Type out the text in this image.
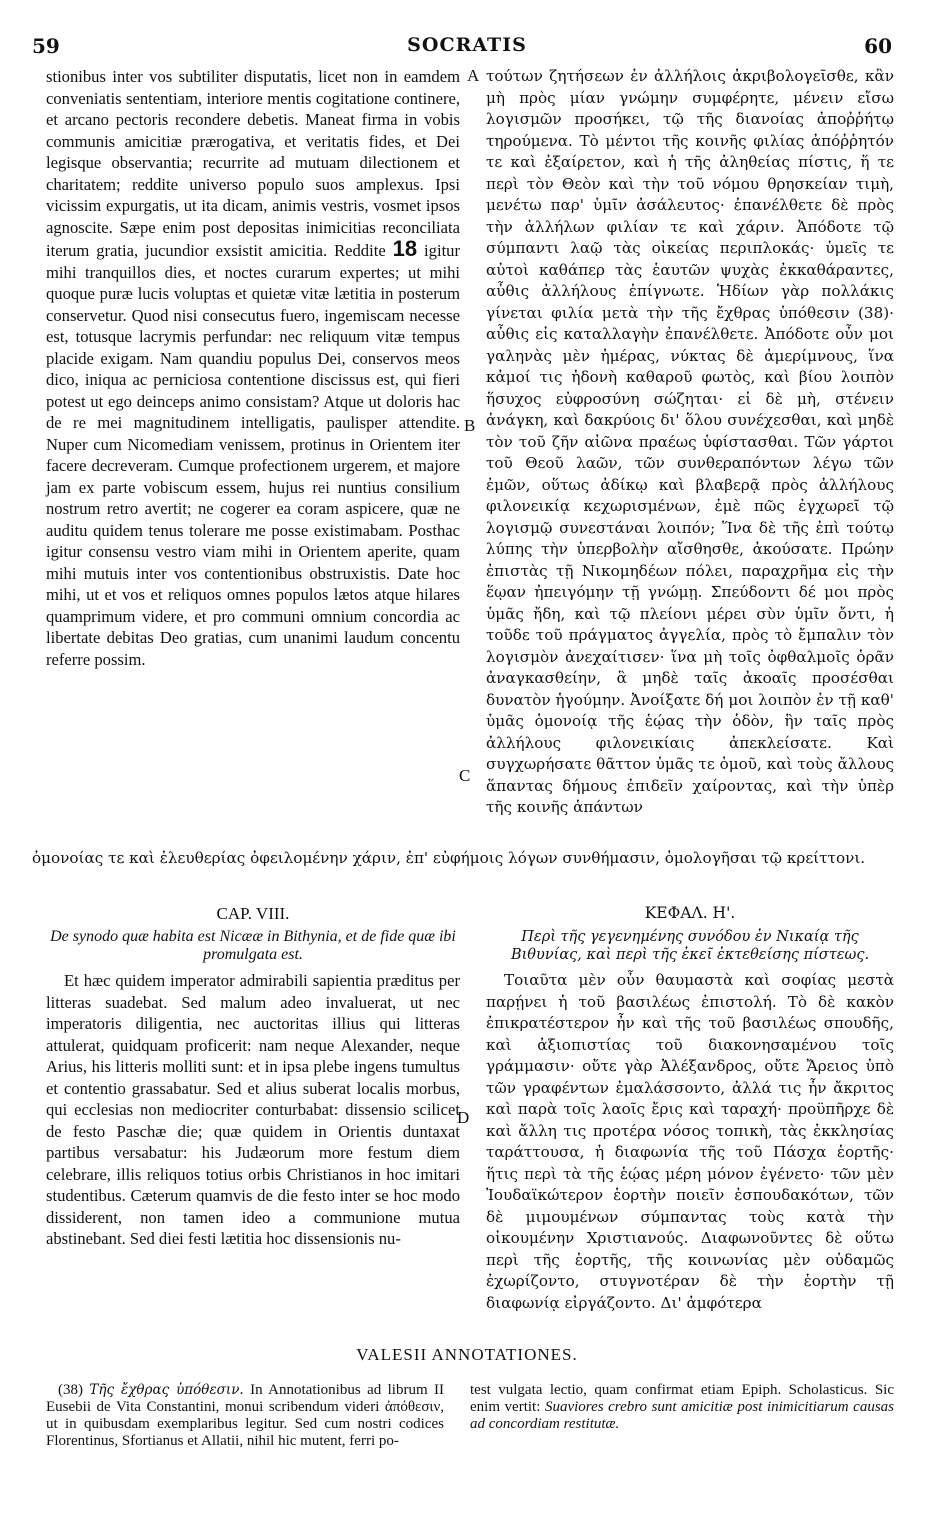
59	SOCRATIS	60

stionibus inter vos subtiliter disputatis, licet non in eamdem conveniatis sententiam, interiore mentis cogitatione continere, et arcano pectoris recondere debetis. Maneat firma in vobis communis amicitiæ prærogativa, et veritatis fides, et Dei legisque observantia; recurrite ad mutuam dilectionem et charitatem; reddite universo populo suos amplexus. Ipsi vicissim expurgatis, ut ita dicam, animis vestris, vosmet ipsos agnoscite. Sæpe enim post depositas inimicitias reconciliata iterum gratia, jucundior exsistit amicitia. Reddite 18 igitur mihi tranquillos dies, et noctes curarum expertes; ut mihi quoque puræ lucis voluptas et quietæ vitæ lætitia in posterum conservetur. Quod nisi consecutus fuero, ingemiscam necesse est, totusque lacrymis perfundar: nec reliquum vitæ tempus placide exigam. Nam quandiu populus Dei, conservos meos dico, iniqua ac perniciosa contentione discissus est, qui fieri potest ut ego deinceps animo consistam? Atque ut doloris hac de re mei magnitudinem intelligatis, paulisper attendite. Nuper cum Nicomediam venissem, protinus in Orientem iter facere decreveram. Cumque profectionem urgerem, et majore jam ex parte vobiscum essem, hujus rei nuntius consilium nostrum retro avertit; ne cogerer ea coram aspicere, quæ ne auditu quidem tenus tolerare me posse existimabam. Posthac igitur consensu vestro viam mihi in Orientem aperite, quam mihi mutuis inter vos contentionibus obstruxistis. Date hoc mihi, ut et vos et reliquos omnes populos lætos atque hilares quamprimum videre, et pro communi omnium concordia ac libertate debitas Deo gratias, cum unanimi laudum concentu referre possim.

A
B
C
D

τούτων ζητήσεων ἐν ἀλλήλοις ἀκριβολογεῖσθε, κἂν μὴ πρὸς μίαν γνώμην συμφέρητε, μένειν εἴσω λογισμῶν προσήκει, τῷ τῆς διανοίας ἀποῤῥήτῳ τηρούμενα. Τὸ μέντοι τῆς κοινῆς φιλίας ἀπόῤῥητόν τε καὶ ἐξαίρετον, καὶ ἡ τῆς ἀληθείας πίστις, ἥ τε περὶ τὸν Θεὸν καὶ τὴν τοῦ νόμου θρησκείαν τιμὴ, μενέτω παρ' ὑμῖν ἀσάλευτος· ἐπανέλθετε δὲ πρὸς τὴν ἀλλήλων φιλίαν τε καὶ χάριν. Ἀπόδοτε τῷ σύμπαντι λαῷ τὰς οἰκείας περιπλοκάς· ὑμεῖς τε αὐτοὶ καθάπερ τὰς ἑαυτῶν ψυχὰς ἐκκαθάραντες, αὖθις ἀλλήλους ἐπίγνωτε. Ἡδίων γὰρ πολλάκις γίνεται φιλία μετὰ τὴν τῆς ἔχθρας ὑπόθεσιν (38)· αὖθις εἰς καταλλαγὴν ἐπανέλθετε. Ἀπόδοτε οὖν μοι γαληνὰς μὲν ἡμέρας, νύκτας δὲ ἀμερίμνους, ἵνα κἀμοί τις ἡδονὴ καθαροῦ φωτὸς, καὶ βίου λοιπὸν ἥσυχος εὐφροσύνη σώζηται· εἰ δὲ μὴ, στένειν ἀνάγκη, καὶ δακρύοις δι' ὅλου συνέχεσθαι, καὶ μηδὲ τὸν τοῦ ζῆν αἰῶνα πραέως ὑφίστασθαι. Τῶν γάρτοι τοῦ Θεοῦ λαῶν, τῶν συνθεραπόντων λέγω τῶν ἐμῶν, οὕτως ἀδίκῳ καὶ βλαβερᾷ πρὸς ἀλλήλους φιλονεικίᾳ κεχωρισμένων, ἐμὲ πῶς ἐγχωρεῖ τῷ λογισμῷ συνεστάναι λοιπόν; Ἵνα δὲ τῆς ἐπὶ τούτῳ λύπης τὴν ὑπερβολὴν αἴσθησθε, ἀκούσατε. Πρώην ἐπιστὰς τῇ Νικομηδέων πόλει, παραχρῆμα εἰς τὴν ἕῳαν ἠπειγόμην τῇ γνώμῃ. Σπεύδοντι δέ μοι πρὸς ὑμᾶς ἤδη, καὶ τῷ πλείονι μέρει σὺν ὑμῖν ὄντι, ἡ τοῦδε τοῦ πράγματος ἀγγελία, πρὸς τὸ ἔμπαλιν τὸν λογισμὸν ἀνεχαίτισεν· ἵνα μὴ τοῖς ὀφθαλμοῖς ὁρᾶν ἀναγκασθείην, ἃ μηδὲ ταῖς ἀκοαῖς προσέσθαι δυνατὸν ἡγούμην. Ἀνοίξατε δή μοι λοιπὸν ἐν τῇ καθ' ὑμᾶς ὁμονοίᾳ τῆς ἑῴας τὴν ὁδὸν, ἣν ταῖς πρὸς ἀλλήλους φιλονεικίαις ἀπεκλείσατε. Καὶ συγχωρήσατε θᾶττον ὑμᾶς τε ὁμοῦ, καὶ τοὺς ἄλλους ἅπαντας δήμους ἐπιδεῖν χαίροντας, καὶ τὴν ὑπὲρ τῆς κοινῆς ἁπάντων

ὁμονοίας τε καὶ ἐλευθερίας ὀφειλομένην χάριν, ἐπ' εὐφήμοις λόγων συνθήμασιν, ὁμολογῆσαι τῷ κρείττονι.
CAP. VIII.
De synodo quæ habita est Nicææ in Bithynia, et de fide quæ ibi promulgata est.
ΚΕΦΑΛ. Η'.
Περὶ τῆς γεγενημένης συνόδου ἐν Νικαίᾳ τῆς Βιθυνίας, καὶ περὶ τῆς ἐκεῖ ἐκτεθείσης πίστεως.

Et hæc quidem imperator admirabili sapientia præditus per litteras suadebat. Sed malum adeo invaluerat, ut nec imperatoris diligentia, nec auctoritas illius qui litteras attulerat, quidquam proficerit: nam neque Alexander, neque Arius, his litteris molliti sunt: et in ipsa plebe ingens tumultus et contentio grassabatur. Sed et alius suberat localis morbus, qui ecclesias non mediocriter conturbabat: dissensio scilicet de festo Paschæ die; quæ quidem in Orientis duntaxat partibus versabatur: his Judæorum more festum diem celebrare, illis reliquos totius orbis Christianos in hoc imitari studentibus. Cæterum quamvis de die festo inter se hoc modo dissiderent, non tamen ideo a communione mutua abstinebant. Sed diei festi lætitia hoc dissensionis nu-

Τοιαῦτα μὲν οὖν θαυμαστὰ καὶ σοφίας μεστὰ παρῄνει ἡ τοῦ βασιλέως ἐπιστολή. Τὸ δὲ κακὸν ἐπικρατέστερον ἦν καὶ τῆς τοῦ βασιλέως σπουδῆς, καὶ ἀξιοπιστίας τοῦ διακονησαμένου τοῖς γράμμασιν· οὔτε γὰρ Ἀλέξανδρος, οὔτε Ἄρειος ὑπὸ τῶν γραφέντων ἐμαλάσσοντο, ἀλλά τις ἦν ἄκριτος καὶ παρὰ τοῖς λαοῖς ἔρις καὶ ταραχή· προϋπῆρχε δὲ καὶ ἄλλη τις προτέρα νόσος τοπικὴ, τὰς ἐκκλησίας ταράττουσα, ἡ διαφωνία τῆς τοῦ Πάσχα ἑορτῆς· ἥτις περὶ τὰ τῆς ἑῴας μέρη μόνον ἐγένετο· τῶν μὲν Ἰουδαϊκώτερον ἑορτὴν ποιεῖν ἐσπουδακότων, τῶν δὲ μιμουμένων σύμπαντας τοὺς κατὰ τὴν οἰκουμένην Χριστιανούς. Διαφωνοῦντες δὲ οὕτω περὶ τῆς ἑορτῆς, τῆς κοινωνίας μὲν οὐδαμῶς ἐχωρίζοντο, στυγνοτέραν δὲ τὴν ἑορτὴν τῇ διαφωνίᾳ εἰργάζοντο. Δι' ἀμφότερα

VALESII ANNOTATIONES.

(38) Τῆς ἔχθρας ὑπόθεσιν. In Annotationibus ad librum II Eusebii de Vita Constantini, monui scribendum videri ἀπόθεσιν, ut in quibusdam exemplaribus legitur. Sed cum nostri codices Florentinus, Sfortianus et Allatii, nihil hic mutent, ferri po-

test vulgata lectio, quam confirmat etiam Epiph. Scholasticus. Sic enim vertit: Suaviores crebro sunt amicitiæ post inimicitiarum causas ad concordiam restitutæ.
